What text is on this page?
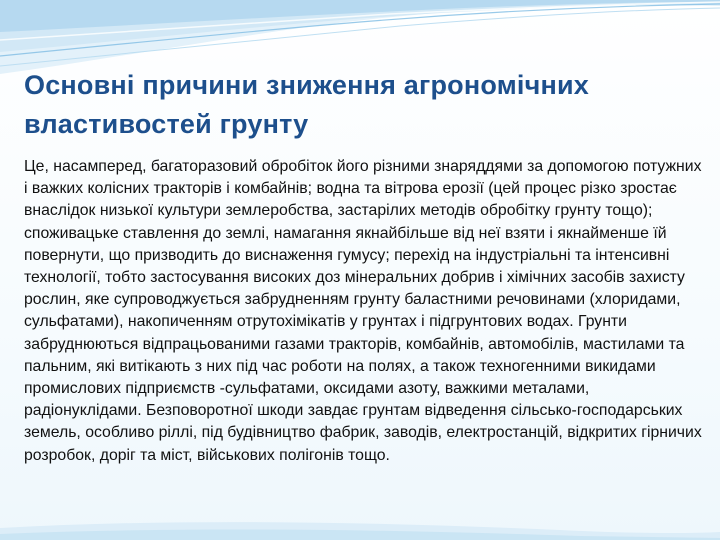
Основні причини зниження агрономічних властивостей грунту

Це, насамперед, багаторазовий обробіток його різними знаряддями за допомогою потужних і важких колісних тракторів і комбайнів; водна та вітрова ерозії (цей процес різко зростає внаслідок низької культури землеробства, застарілих методів обробітку грунту тощо); споживацьке ставлення до землі, намагання якнайбільше від неї взяти і якнайменше їй повернути, що призводить до виснаження гумусу; перехід на індустріальні та інтенсивні технології, тобто застосування високих доз мінеральних добрив і хімічних засобів захисту рослин, яке супроводжується забрудненням грунту баластними речовинами (хлоридами, сульфатами), накопиченням отрутохімікатів у грунтах і підгрунтових водах. Грунти забруднюються відпрацьованими газами тракторів, комбайнів, автомобілів, мастилами та пальним, які витікають з них під час роботи на полях, а також техногенними викидами промислових підприємств -сульфатами, оксидами азоту, важкими металами, радіонуклідами. Безповоротної шкоди завдає грунтам відведення сільсько-господарських земель, особливо ріллі, під будівництво фабрик, заводів, електростанцій, відкритих гірничих розробок, доріг та міст, військових полігонів тощо.
